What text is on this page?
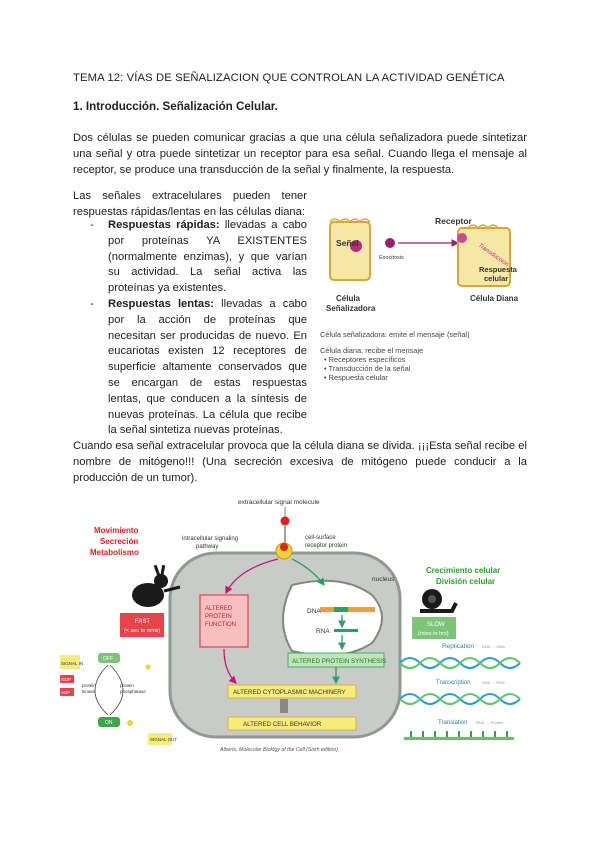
TEMA 12: VÍAS DE SEÑALIZACION QUE CONTROLAN LA ACTIVIDAD GENÉTICA
1. Introducción. Señalización Celular.
Dos células se pueden comunicar gracias a que una célula señalizadora puede sintetizar una señal y otra puede sintetizar un receptor para esa señal. Cuando llega el mensaje al receptor, se produce una transducción de la señal y finalmente, la respuesta.
Las señales extracelulares pueden tener respuestas rápidas/lentas en las células diana:
- Respuestas rápidas: llevadas a cabo por proteínas YA EXISTENTES (normalmente enzimas), y que varían su actividad. La señal activa las proteínas ya existentes.
- Respuestas lentas: llevadas a cabo por la acción de proteínas que necesitan ser producidas de nuevo. En eucariotas existen 12 receptores de superficie altamente conservados que se encargan de estas respuestas lentas, que conducen a la síntesis de nuevas proteínas. La célula que recibe la señal sintetiza nuevas proteínas.
Cuando esa señal extracelular provoca que la célula diana se divida. ¡¡¡Esta señal recibe el nombre de mitógeno!!! (Una secreción excesiva de mitógeno puede conducir a la producción de un tumor).
Señal
Exocitosis
Receptor
Transducción
Respuesta
celular
Célula
Señalizadora
Célula Diana
Célula señalizadora: emite el mensaje (señal)
Célula diana: recibe el mensaje
• Receptores específicos
• Transducción de la señal
• Respuesta celular
extracellular signal molecule
intracellular signaling
pathway
cell-surface
receptor protein
nucleus
DNA
RNA
ALTERED
PROTEIN
FUNCTION
ALTERED PROTEIN SYNTHESIS
ALTERED CYTOPLASMIC MACHINERY
ALTERED CELL BEHAVIOR
Movimiento
Secreción
Metabolismo
FAST
(< sec to mins)
SIGNAL IN
GDP
ADP
OFF
ON
protein
kinase
protein
phosphatase
SIGNAL OUT
Crecimiento celular
División celular
SLOW
(mins to hrs)
Replication DNA → DNA
Transcription	DNA → RNA
Translation RNA → Protein
Alberts, Molecular Biology of the Cell (Sixth edition)
